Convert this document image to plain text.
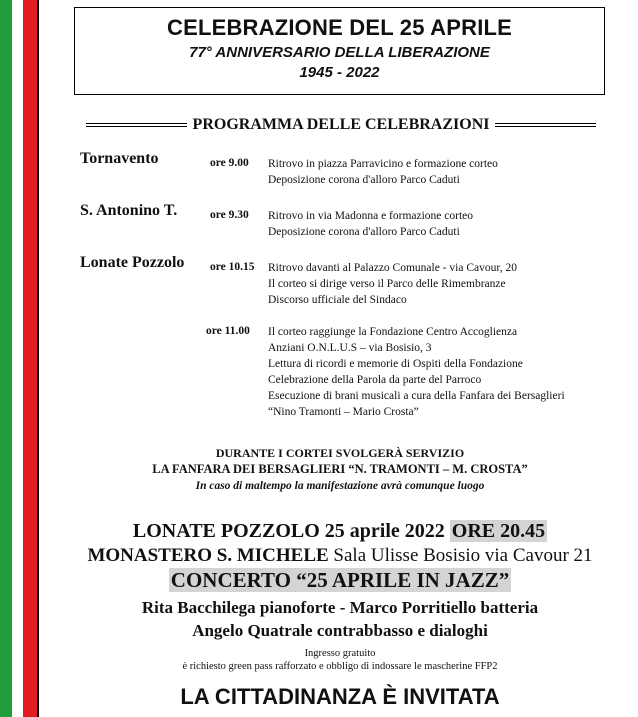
CELEBRAZIONE DEL 25 APRILE
77° ANNIVERSARIO DELLA LIBERAZIONE
1945 - 2022
PROGRAMMA DELLE CELEBRAZIONI
Tornavento	ore 9.00 Ritrovo in piazza Parravicino e formazione corteo
Deposizione corona d'alloro Parco Caduti
S. Antonino T.	ore 9.30 Ritrovo in via Madonna e formazione corteo
Deposizione corona d'alloro Parco Caduti
Lonate Pozzolo ore 10.15 Ritrovo davanti al Palazzo Comunale - via Cavour, 20
Il corteo si dirige verso il Parco delle Rimembranze
Discorso ufficiale del Sindaco
ore 11.00 Il corteo raggiunge la Fondazione Centro Accoglienza
Anziani O.N.L.U.S – via Bosisio, 3
Lettura di ricordi e memorie di Ospiti della Fondazione
Celebrazione della Parola da parte del Parroco
Esecuzione di brani musicali a cura della Fanfara dei Bersaglieri
“Nino Tramonti – Mario Crosta”
DURANTE I CORTEI SVOLGERÀ SERVIZIO
LA FANFARA DEI BERSAGLIERI “N. TRAMONTI – M. CROSTA”
In caso di maltempo la manifestazione avrà comunque luogo
LONATE POZZOLO 25 aprile 2022 ORE 20.45
MONASTERO S. MICHELE Sala Ulisse Bosisio via Cavour 21
CONCERTO “25 APRILE IN JAZZ”
Rita Bacchilega pianoforte - Marco Porritiello batteria
Angelo Quatrale contrabbasso e dialoghi
Ingresso gratuito
è richiesto green pass rafforzato e obbligo di indossare le mascherine FFP2
LA CITTADINANZA È INVITATA
